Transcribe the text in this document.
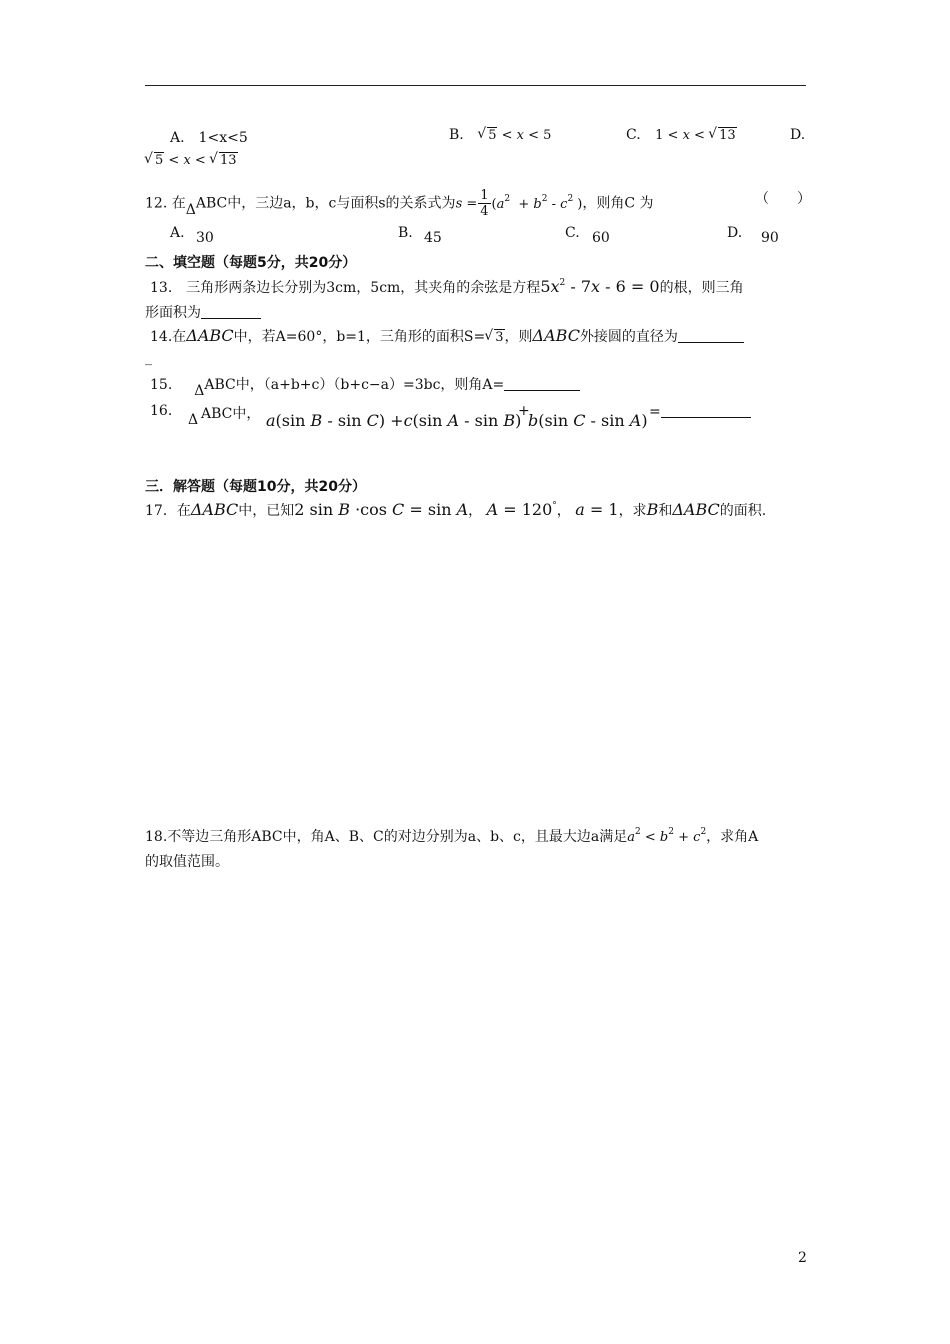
A.　1<x<5	B. √ 5 < x < 5	C. 1 < x < √ 13	D.
√ 5 < x < √ 13
12. 在ΔABC中，三边a，b，c与面积s的关系式为$s = \frac{1}{4} (a^2 + b^2 - c^2$ )，则角C 为	（　　）
A. 30	B. 45	C. 60	D. 90
二、填空题（每题5分，共20分）
13.　三角形两条边长分别为3cm，5cm，其夹角的余弦是方程$5x^2 - 7x - 6 = 0$的根，则三角
形面积为
14.在ΔABC中，若A=60°，b=1，三角形的面积S= √ 3，则ΔABC外接圆的直径为
_
15. ΔABC中，（a+b+c）（b+c−a）=3bc，则角A=
16.
Δ ABC中， a(sin B - sin C) +c(sin A - sin B)
+
b(sin C - sin A) =
三．解答题（每题10分，共20分）
17．在ΔABC中，已知2 sin B ·cos C = sin A， A = 120°， a = 1，求B和ΔABC的面积.
18.不等边三角形ABC中，角A、B、C的对边分别为a、b、c，且最大边a满足$a^2 < b^2 + c^2$，求角A
的取值范围。
2
